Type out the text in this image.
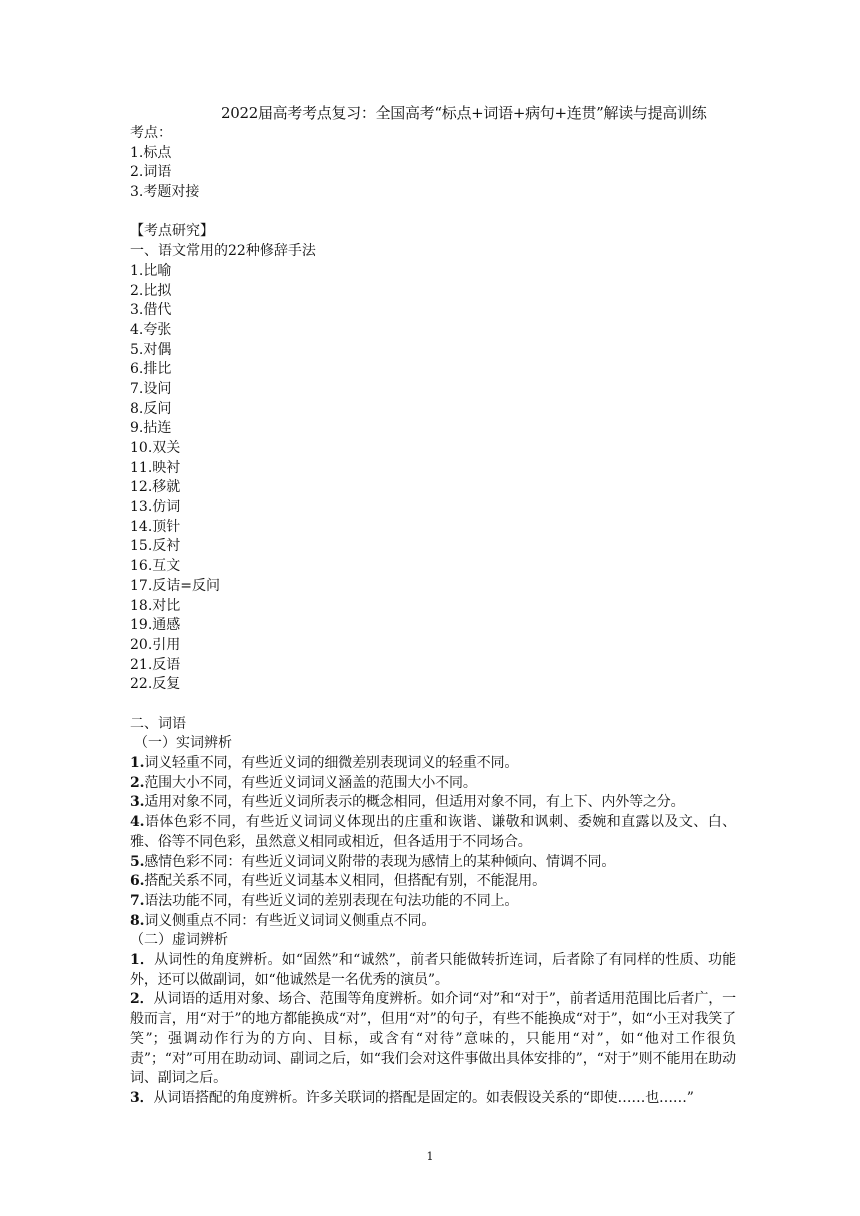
2022届高考考点复习：全国高考“标点+词语+病句+连贯”解读与提高训练
考点：
1.标点
2.词语
3.考题对接
【考点研究】
一、语文常用的22种修辞手法
1.比喻
2.比拟
3.借代
4.夸张
5.对偶
6.排比
7.设问
8.反问
9.拈连
10.双关
11.映衬
12.移就
13.仿词
14.顶针
15.反衬
16.互文
17.反诘=反问
18.对比
19.通感
20.引用
21.反语
22.反复
二、词语
（一）实词辨析
1.词义轻重不同，有些近义词的细微差别表现词义的轻重不同。
2.范围大小不同，有些近义词词义涵盖的范围大小不同。
3.适用对象不同，有些近义词所表示的概念相同，但适用对象不同，有上下、内外等之分。
4.语体色彩不同，有些近义词词义体现出的庄重和诙谐、谦敬和讽刺、委婉和直露以及文、白、雅、俗等不同色彩，虽然意义相同或相近，但各适用于不同场合。
5.感情色彩不同：有些近义词词义附带的表现为感情上的某种倾向、情调不同。
6.搭配关系不同，有些近义词基本义相同，但搭配有别，不能混用。
7.语法功能不同，有些近义词的差别表现在句法功能的不同上。
8.词义侧重点不同：有些近义词词义侧重点不同。
（二）虚词辨析
1．从词性的角度辨析。如“固然”和“诚然”，前者只能做转折连词，后者除了有同样的性质、功能外，还可以做副词，如“他诚然是一名优秀的演员”。
2．从词语的适用对象、场合、范围等角度辨析。如介词“对”和“对于”，前者适用范围比后者广，一般而言，用“对于”的地方都能换成“对”，但用“对”的句子，有些不能换成“对于”，如“小王对我笑了笑”；强调动作行为的方向、目标，或含有“对待”意味的，只能用“对”，如“他对工作很负责”；“对”可用在助动词、副词之后，如“我们会对这件事做出具体安排的”，“对于”则不能用在助动词、副词之后。
3．从词语搭配的角度辨析。许多关联词的搭配是固定的。如表假设关系的“即使……也……”
1
